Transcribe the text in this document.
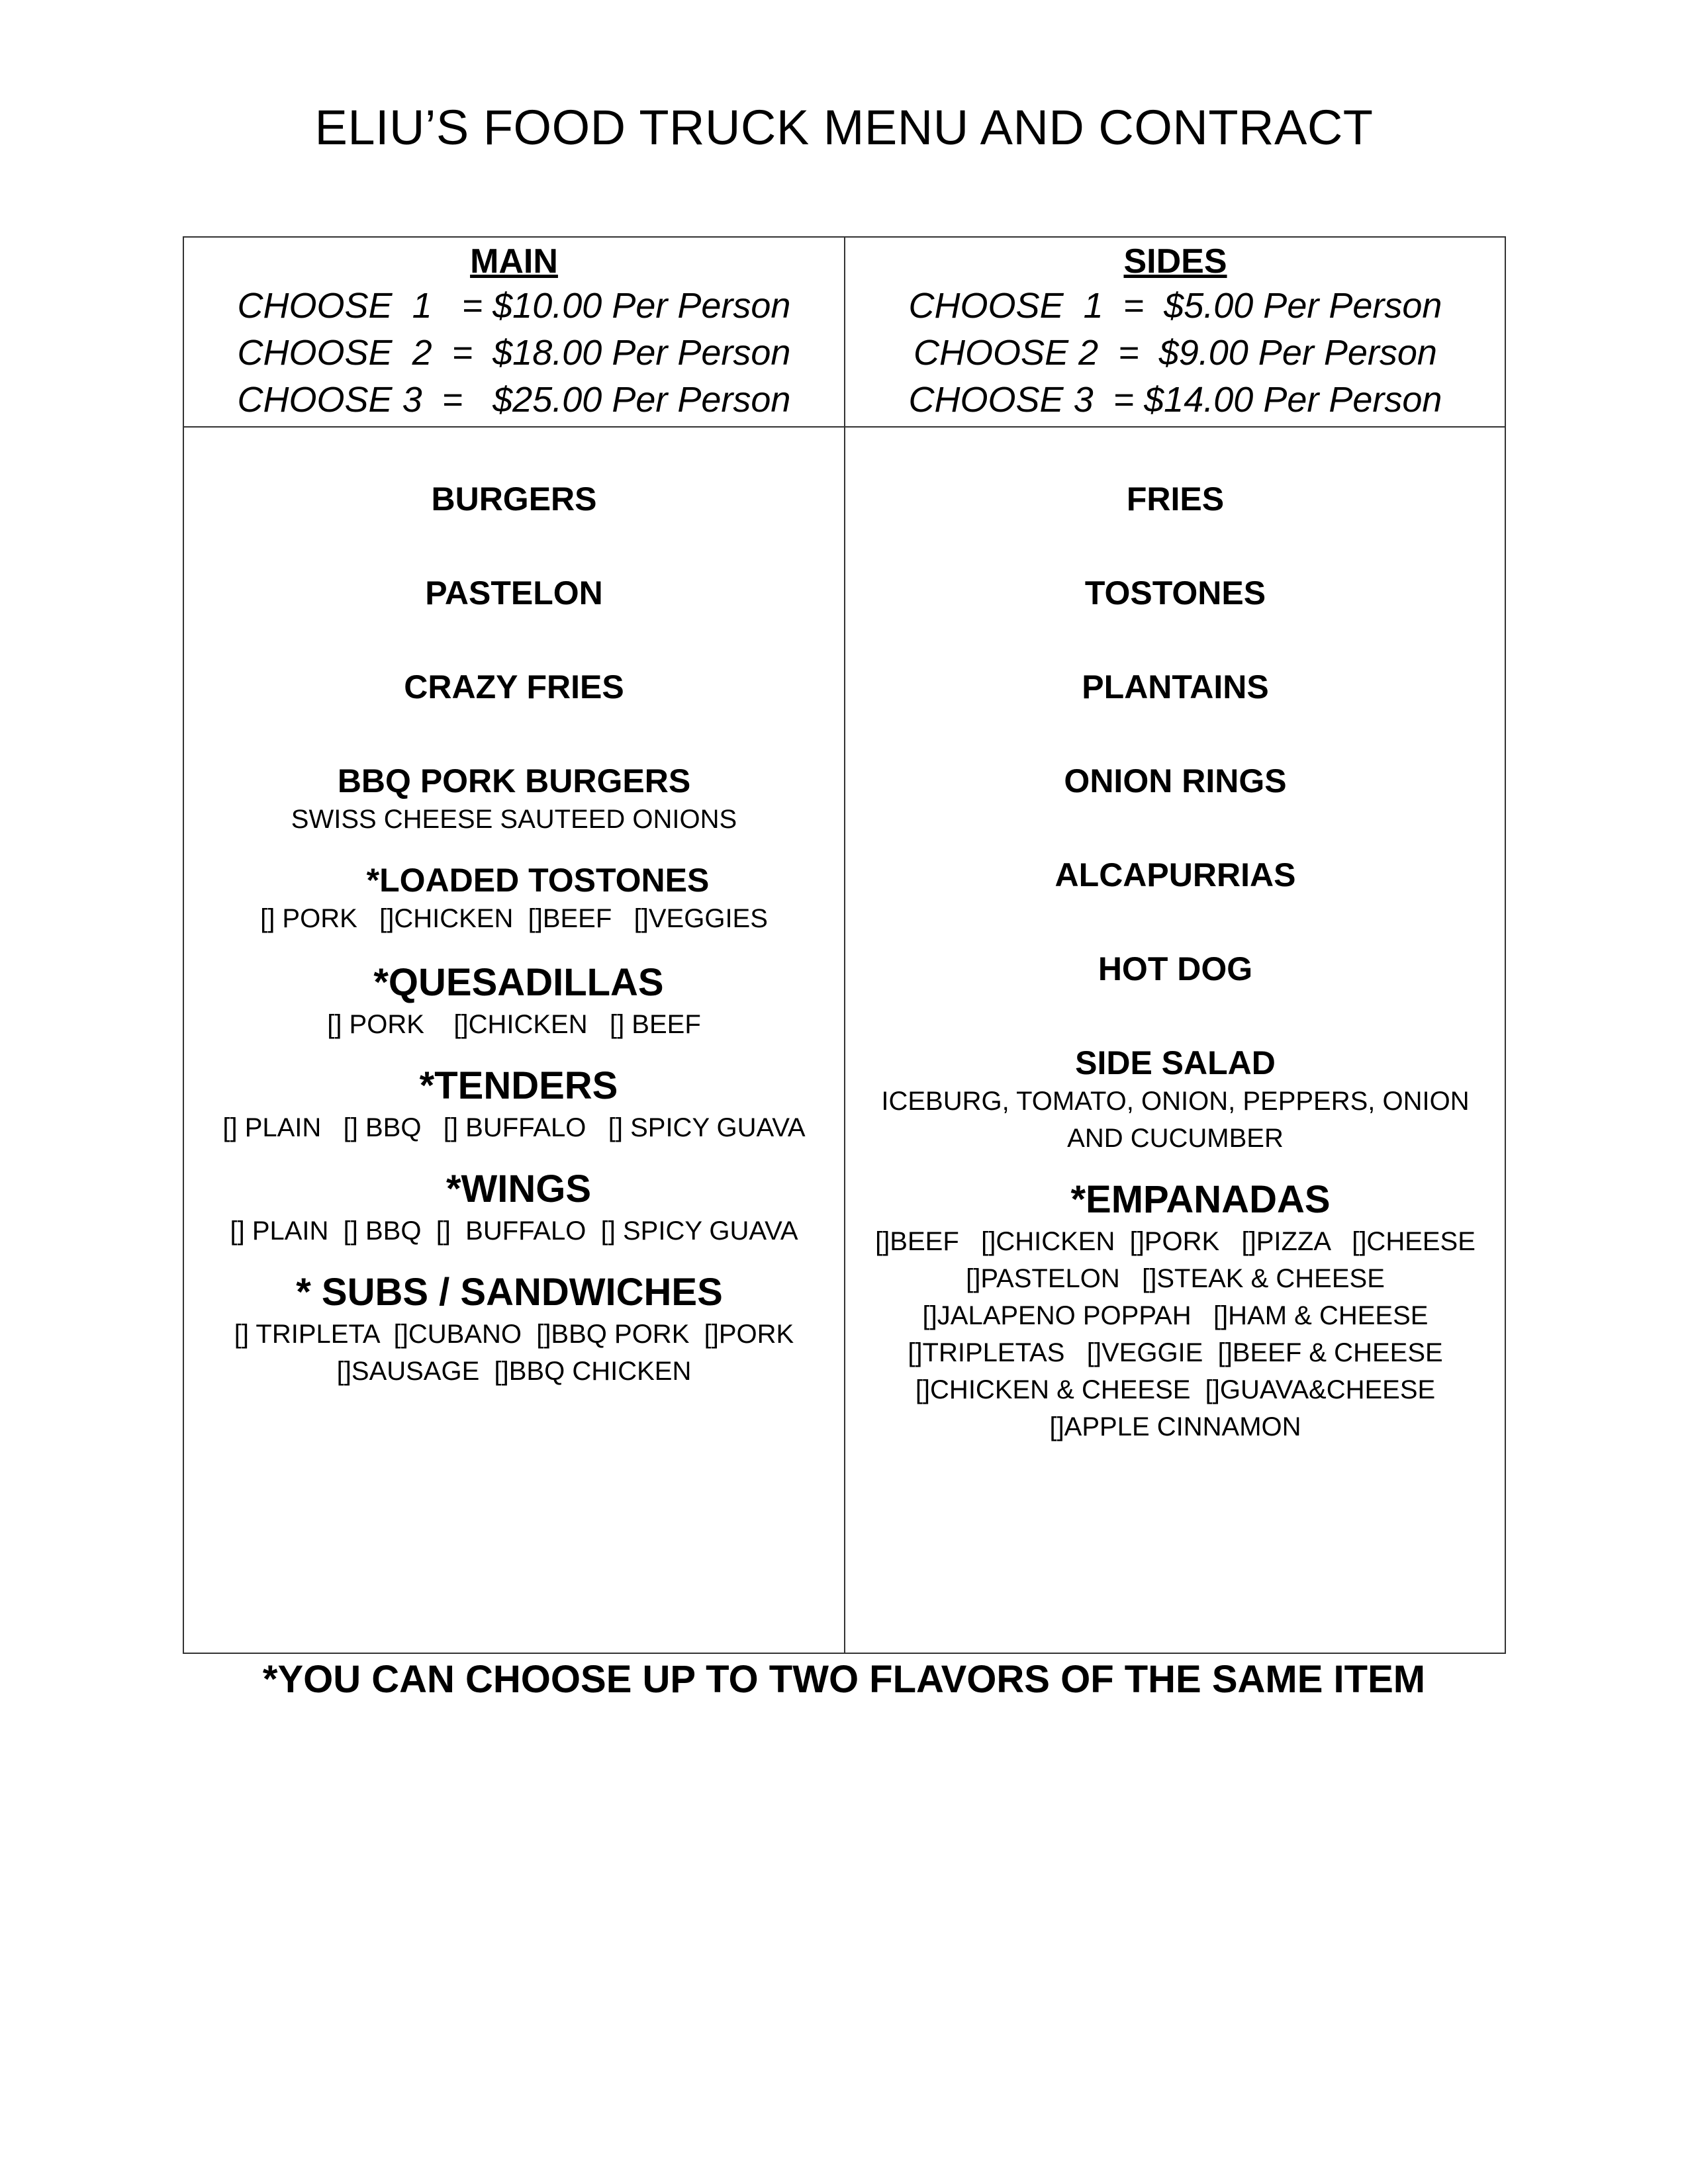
ELIU’S FOOD TRUCK MENU AND CONTRACT
MAIN
CHOOSE  1   = $10.00 Per Person
CHOOSE  2  =  $18.00 Per Person
CHOOSE 3  =   $25.00 Per Person
SIDES
CHOOSE  1  =  $5.00 Per Person
CHOOSE 2  =  $9.00 Per Person
CHOOSE 3  = $14.00 Per Person
BURGERS
PASTELON
CRAZY FRIES
BBQ PORK BURGERS
SWISS CHEESE SAUTEED ONIONS
*LOADED TOSTONES
[] PORK   []CHICKEN  []BEEF   []VEGGIES
*QUESADILLAS
[] PORK    []CHICKEN   [] BEEF
*TENDERS
[] PLAIN   [] BBQ   [] BUFFALO   [] SPICY GUAVA
*WINGS
[] PLAIN  [] BBQ  []  BUFFALO  [] SPICY GUAVA
* SUBS / SANDWICHES
[] TRIPLETA  []CUBANO  []BBQ PORK  []PORK
[]SAUSAGE  []BBQ CHICKEN
FRIES
TOSTONES
PLANTAINS
ONION RINGS
ALCAPURRIAS
HOT DOG
SIDE SALAD
ICEBURG, TOMATO, ONION, PEPPERS, ONION
AND CUCUMBER
*EMPANADAS
[]BEEF   []CHICKEN  []PORK   []PIZZA   []CHEESE
[]PASTELON   []STEAK & CHEESE
[]JALAPENO POPPAH   []HAM & CHEESE
[]TRIPLETAS   []VEGGIE  []BEEF & CHEESE
[]CHICKEN & CHEESE  []GUAVA&CHEESE
[]APPLE CINNAMON
*YOU CAN CHOOSE UP TO TWO FLAVORS OF THE SAME ITEM
